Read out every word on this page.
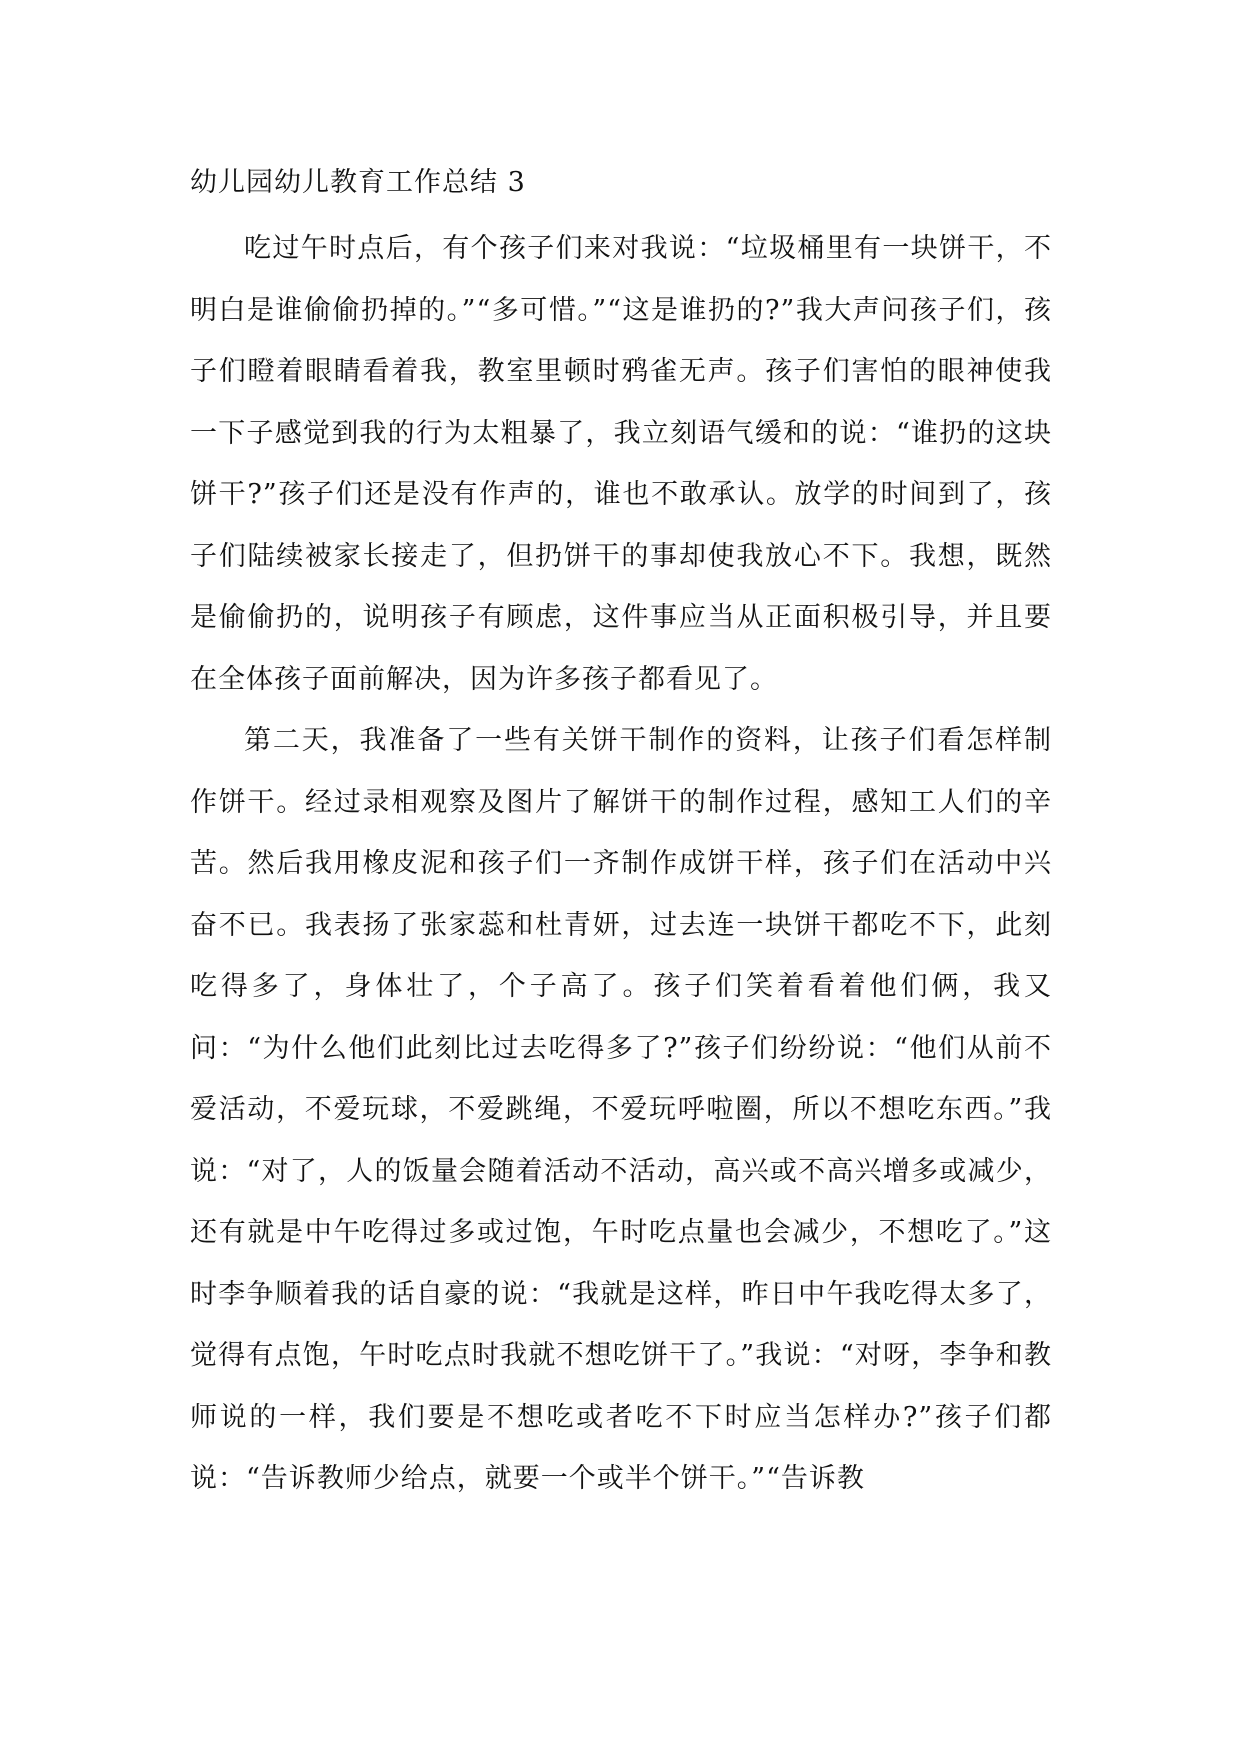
幼儿园幼儿教育工作总结 3

吃过午时点后，有个孩子们来对我说：“垃圾桶里有一块饼干，不明白是谁偷偷扔掉的。”“多可惜。”“这是谁扔的?”我大声问孩子们，孩子们瞪着眼睛看着我，教室里顿时鸦雀无声。孩子们害怕的眼神使我一下子感觉到我的行为太粗暴了，我立刻语气缓和的说：“谁扔的这块饼干?”孩子们还是没有作声的，谁也不敢承认。放学的时间到了，孩子们陆续被家长接走了，但扔饼干的事却使我放心不下。我想，既然是偷偷扔的，说明孩子有顾虑，这件事应当从正面积极引导，并且要在全体孩子面前解决，因为许多孩子都看见了。

第二天，我准备了一些有关饼干制作的资料，让孩子们看怎样制作饼干。经过录相观察及图片了解饼干的制作过程，感知工人们的辛苦。然后我用橡皮泥和孩子们一齐制作成饼干样，孩子们在活动中兴奋不已。我表扬了张家蕊和杜青妍，过去连一块饼干都吃不下，此刻吃得多了，身体壮了，个子高了。孩子们笑着看着他们俩，我又问：“为什么他们此刻比过去吃得多了?”孩子们纷纷说：“他们从前不爱活动，不爱玩球，不爱跳绳，不爱玩呼啦圈，所以不想吃东西。”我说：“对了，人的饭量会随着活动不活动，高兴或不高兴增多或减少，还有就是中午吃得过多或过饱，午时吃点量也会减少，不想吃了。”这时李争顺着我的话自豪的说：“我就是这样，昨日中午我吃得太多了，觉得有点饱，午时吃点时我就不想吃饼干了。”我说：“对呀，李争和教师说的一样，我们要是不想吃或者吃不下时应当怎样办?”孩子们都说：“告诉教师少给点，就要一个或半个饼干。”“告诉教
